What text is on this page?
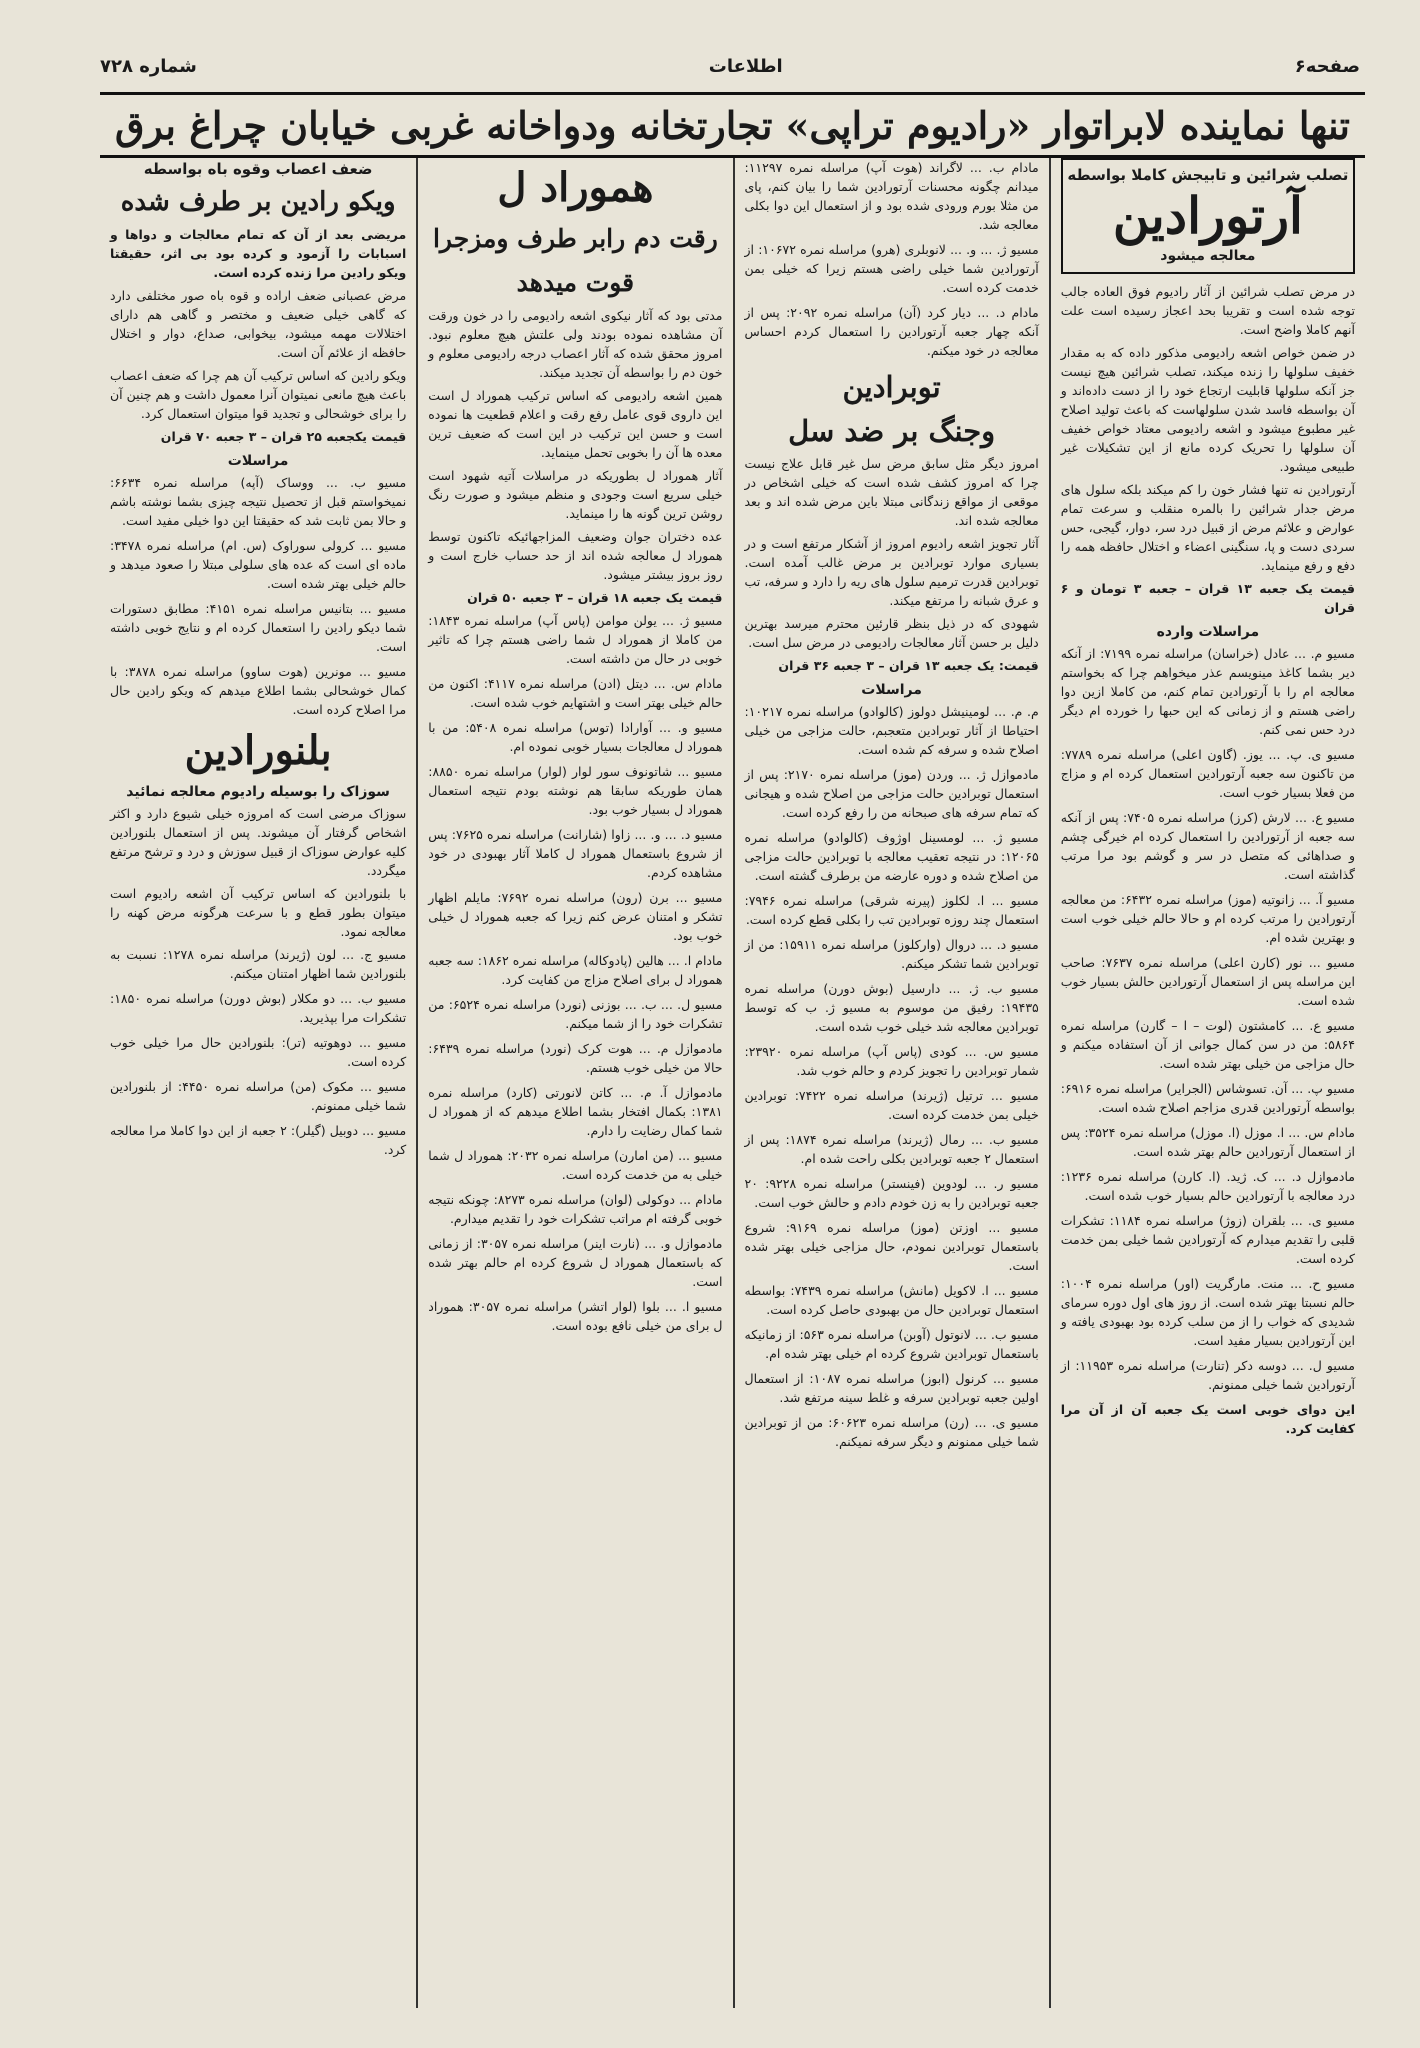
صفحه۶
اطلاعات
شماره ۷۲۸
تنها نماینده لابراتوار «رادیوم تراپی» تجارتخانه ودواخانه غربی خیابان چراغ برق
تصلب شرائین و تابیجش کاملا بواسطه
آرتورادین
معالجه میشود

در مرض تصلب شرائین از آثار رادیوم فوق العاده جالب توجه شده است و تقریبا بحد اعجاز رسیده است علت آنهم کاملا واضح است.

در ضمن خواص اشعه رادیومی مذکور داده که به مقدار خفیف سلولها را زنده میکند، تصلب شرائین هیچ نیست جز آنکه سلولها قابلیت ارتجاع خود را از دست داده‌اند و آن بواسطه فاسد شدن سلولهاست که باعث تولید اصلاح غیر مطبوع میشود و اشعه رادیومی معتاد خواص خفیف آن سلولها را تحریک کرده مانع از این تشکیلات غیر طبیعی میشود.

آرتورادین نه تنها فشار خون را کم میکند بلکه سلول های مرض جدار شرائین را بالمره منقلب و سرعت تمام عوارض و علائم مرض از قبیل درد سر، دوار، گیجی، حس سردی دست و پا، سنگینی اعضاء و اختلال حافظه همه را دفع و رفع مینماید.

قیمت یک جعبه ۱۳ قران – جعبه ۳ تومان و ۶ قران

مراسلات وارده
مسیو م. ... عادل (خراسان) مراسله نمره ۷۱۹۹: از آنکه دیر بشما کاغذ مینویسم عذر میخواهم چرا که بخواستم معالجه ام را با آرتورادین تمام کنم، من کاملا ازین دوا راضی هستم و از زمانی که این حبها را خورده ام دیگر درد حس نمی کنم.
مسیو ی. پ. ... یوز. (گاون اعلی) مراسله نمره ۷۷۸۹: من تاکنون سه جعبه آرتورادین استعمال کرده ام و مزاج من فعلا بسیار خوب است.
مسیو ع. ... لارش (کرز) مراسله نمره ۷۴۰۵: پس از آنکه سه جعبه از آرتورادین را استعمال کرده ام خیرگی چشم و صداهائی که متصل در سر و گوشم بود مرا مرتب گذاشته است.
مسیو آ. ... زانوتیه (موز) مراسله نمره ۶۴۳۲: من معالجه آرتورادین را مرتب کرده ام و حالا حالم خیلی خوب است و بهترین شده ام.
مسیو ... نور (کارن اعلی) مراسله نمره ۷۶۳۷: صاحب این مراسله پس از استعمال آرتورادین حالش بسیار خوب شده است.
مسیو ع. ... کامشتون (لوت – ا – گارن) مراسله نمره ۵۸۶۴: من در سن کمال جوانی از آن استفاده میکنم و حال مزاجی من خیلی بهتر شده است.
مسیو پ. ... آن. تسوشاس (الجرایر) مراسله نمره ۶۹۱۶: بواسطه آرتورادین قدری مزاجم اصلاح شده است.
مادام س. ... ا. موزل (ا. موزل) مراسله نمره ۳۵۲۴: پس از استعمال آرتورادین حالم بهتر شده است.
مادموازل د. ... ک. ژید. (ا. کارن) مراسله نمره ۱۲۳۶: درد معالجه با آرتورادین حالم بسیار خوب شده است.
مسیو ی. ... بلقران (زوژ) مراسله نمره ۱۱۸۴: تشکرات قلبی را تقدیم میدارم که آرتورادین شما خیلی بمن خدمت کرده است.
مسیو ح. ... منت. مارگریت (اور) مراسله نمره ۱۰۰۴: حالم نسبتا بهتر شده است. از روز های اول دوره سرمای شدیدی که خواب را از من سلب کرده بود بهبودی یافته و این آرتورادین بسیار مفید است.
مسیو ل. ... دوسه دکر (تنارت) مراسله نمره ۱۱۹۵۳: از آرتورادین شما خیلی ممنونم.

این دوای خوبی است یک جعبه آن از آن مرا کفایت کرد.

مادام ب. ... لاگراند (هوت آپ) مراسله نمره ۱۱۲۹۷: میدانم چگونه محسنات آرتورادین شما را بیان کنم، پای من مثلا بورم ورودی شده بود و از استعمال این دوا بکلی معالجه شد.
مسیو ژ. ... و. ... لانوبلری (هرو) مراسله نمره ۱۰۶۷۲: از آرتورادین شما خیلی راضی هستم زیرا که خیلی بمن خدمت کرده است.
مادام د. ... دیار کرد (آن) مراسله نمره ۲۰۹۲: پس از آنکه چهار جعبه آرتورادین را استعمال کردم احساس معالجه در خود میکنم.
توبرادین
وجنگ بر ضد سل

امروز دیگر مثل سابق مرض سل غیر قابل علاج نیست چرا که امروز کشف شده است که خیلی اشخاص در موقعی از مواقع زندگانی مبتلا باین مرض شده اند و بعد معالجه شده اند.

آثار تجویز اشعه رادیوم امروز از آشکار مرتفع است و در بسیاری موارد توبرادین بر مرض غالب آمده است. توبرادین قدرت ترمیم سلول های ریه را دارد و سرفه، تب و عرق شبانه را مرتفع میکند.

شهودی که در ذیل بنظر قارئین محترم میرسد بهترین دلیل بر حسن آثار معالجات رادیومی در مرض سل است.

قیمت: یک جعبه ۱۳ قران – ۳ جعبه ۳۶ قران

مراسلات
م. م. ... لومینیشل دولوز (کالوادو) مراسله نمره ۱۰۲۱۷: احتیاطا از آثار توبرادین متعجبم، حالت مزاجی من خیلی اصلاح شده و سرفه کم شده است.
مادموازل ژ. ... وردن (موز) مراسله نمره ۲۱۷۰: پس از استعمال توبرادین حالت مزاجی من اصلاح شده و هیجانی که تمام سرفه های صبحانه من را رفع کرده است.
مسیو ژ. ... لومسینل اوژوف (کالوادو) مراسله نمره ۱۲۰۶۵: در نتیجه تعقیب معالجه با توبرادین حالت مزاجی من اصلاح شده و دوره عارضه من برطرف گشته است.
مسیو ... ا. لکلوز (پیرنه شرقی) مراسله نمره ۷۹۴۶: استعمال چند روزه توبرادین تب را بکلی قطع کرده است.
مسیو د. ... دروال (وارکلوز) مراسله نمره ۱۵۹۱۱: من از توبرادین شما تشکر میکنم.
مسیو ب. ژ. ... دارسیل (بوش دورن) مراسله نمره ۱۹۴۳۵: رفیق من موسوم به مسیو ژ. ب که توسط توبرادین معالجه شد خیلی خوب شده است.
مسیو س. ... کودی (پاس آپ) مراسله نمره ۲۳۹۲۰: شمار توبرادین را تجویز کردم و حالم خوب شد.
مسیو ... ترتیل (ژیرند) مراسله نمره ۷۴۲۲: توبرادین خیلی بمن خدمت کرده است.
مسیو ب. ... رمال (ژیرند) مراسله نمره ۱۸۷۴: پس از استعمال ۲ جعبه توبرادین بکلی راحت شده ام.
مسیو ر. ... لودوین (فینستر) مراسله نمره ۹۲۲۸: ۲۰ جعبه توبرادین را به زن خودم دادم و حالش خوب است.
مسیو ... اوزتن (موز) مراسله نمره ۹۱۶۹: شروع باستعمال توبرادین نمودم، حال مزاجی خیلی بهتر شده است.
مسیو ... ا. لاکویل (مانش) مراسله نمره ۷۴۳۹: بواسطه استعمال توبرادین حال من بهبودی حاصل کرده است.
مسیو ب. ... لانوتول (آوبن) مراسله نمره ۵۶۳: از زمانیکه باستعمال توبرادین شروع کرده ام خیلی بهتر شده ام.
مسیو ... کرنول (ابوز) مراسله نمره ۱۰۸۷: از استعمال اولین جعبه توبرادین سرفه و غلط سینه مرتفع شد.
مسیو ی. ... (رن) مراسله نمره ۶۰۶۲۳: من از توبرادین شما خیلی ممنونم و دیگر سرفه نمیکنم.
هموراد ل
رقت دم رابر طرف ومزجرا
قوت میدهد

مدتی بود که آثار نیکوی اشعه رادیومی را در خون ورقت آن مشاهده نموده بودند ولی علتش هیچ معلوم نبود. امروز محقق شده که آثار اعصاب درجه رادیومی معلوم و خون دم را بواسطه آن تجدید میکند.

همین اشعه رادیومی که اساس ترکیب هموراد ل است این داروی قوی عامل رفع رقت و اعلام قطعیت ها نموده است و حسن این ترکیب در این است که ضعیف ترین معده ها آن را بخوبی تحمل مینماید.

آثار هموراد ل بطوریکه در مراسلات آتیه شهود است خیلی سریع است وجودی و منظم میشود و صورت رنگ روشن ترین گونه ها را مینماید.

عده دختران جوان وضعیف المزاجهائیکه تاکنون توسط هموراد ل معالجه شده اند از حد حساب خارج است و روز بروز بیشتر میشود.

قیمت یک جعبه ۱۸ قران – ۳ جعبه ۵۰ قران

مسیو ژ. ... یولن موامن (پاس آپ) مراسله نمره ۱۸۴۳: من کاملا از هموراد ل شما راضی هستم چرا که تاثیر خوبی در حال من داشته است.
مادام س. ... دیتل (ادن) مراسله نمره ۴۱۱۷: اکنون من حالم خیلی بهتر است و اشتهایم خوب شده است.
مسیو و. ... آوارادا (توس) مراسله نمره ۵۴۰۸: من با هموراد ل معالجات بسیار خوبی نموده ام.
مسیو ... شاتونوف سور لوار (لوار) مراسله نمره ۸۸۵۰: همان طوریکه سابقا هم نوشته بودم نتیجه استعمال هموراد ل بسیار خوب بود.
مسیو د. ... و. ... زاوا (شارانت) مراسله نمره ۷۶۲۵: پس از شروع باستعمال هموراد ل کاملا آثار بهبودی در خود مشاهده کردم.
مسیو ... برن (رون) مراسله نمره ۷۶۹۲: مایلم اظهار تشکر و امتنان عرض کنم زیرا که جعبه هموراد ل خیلی خوب بود.
مادام ا. ... هالین (پادوکاله) مراسله نمره ۱۸۶۲: سه جعبه هموراد ل برای اصلاح مزاج من کفایت کرد.
مسیو ل. ... ب. ... بوزنی (نورد) مراسله نمره ۶۵۲۴: من تشکرات خود را از شما میکنم.
مادموازل م. ... هوت کرک (نورد) مراسله نمره ۶۴۳۹: حالا من خیلی خوب هستم.
مادموازل آ. م. ... کاتن لانورتی (کارد) مراسله نمره ۱۳۸۱: بکمال افتخار بشما اطلاع میدهم که از هموراد ل شما کمال رضایت را دارم.
مسیو ... (من امارن) مراسله نمره ۲۰۳۲: هموراد ل شما خیلی به من خدمت کرده است.
مادام ... دوکولی (لوان) مراسله نمره ۸۲۷۳: چونکه نتیجه خوبی گرفته ام مراتب تشکرات خود را تقدیم میدارم.
مادموازل و. ... (نارت اینر) مراسله نمره ۳۰۵۷: از زمانی که باستعمال هموراد ل شروع کرده ام حالم بهتر شده است.
مسیو ا. ... بلوا (لوار اتشر) مراسله نمره ۳۰۵۷: هموراد ل برای من خیلی نافع بوده است.
ضعف اعصاب وقوه باه بواسطه
ویکو رادین بر طرف شده

مریضی بعد از آن که تمام معالجات و دواها و اسبابات را آزمود و کرده بود بی اثر، حقیقتا ویکو رادین مرا زنده کرده است.

مرض عصبانی ضعف اراده و قوه باه صور مختلفی دارد که گاهی خیلی ضعیف و مختصر و گاهی هم دارای اختلالات مهمه میشود، بیخوابی، صداع، دوار و اختلال حافظه از علائم آن است.

ویکو رادین که اساس ترکیب آن هم چرا که ضعف اعصاب باعث هیچ مانعی نمیتوان آنرا معمول داشت و هم چنین آن را برای خوشحالی و تجدید قوا میتوان استعمال کرد.

قیمت یکجعبه ۲۵ قران – ۳ جعبه ۷۰ قران

مراسلات
مسیو ب. ... ووساک (آپه) مراسله نمره ۶۶۳۴: نمیخواستم قبل از تحصیل نتیجه چیزی بشما نوشته باشم و حالا بمن ثابت شد که حقیقتا این دوا خیلی مفید است.
مسیو ... کرولی سوراوک (س. ام) مراسله نمره ۳۴۷۸: ماده ای است که عده های سلولی مبتلا را صعود میدهد و حالم خیلی بهتر شده است.
مسیو ... بتانیس مراسله نمره ۴۱۵۱: مطابق دستورات شما دیکو رادین را استعمال کرده ام و نتایج خوبی داشته است.
مسیو ... مونرین (هوت ساوو) مراسله نمره ۳۸۷۸: با کمال خوشحالی بشما اطلاع میدهم که ویکو رادین حال مرا اصلاح کرده است.
بلنورادین
سوزاک را بوسیله رادیوم معالجه نمائید

سوزاک مرضی است که امروزه خیلی شیوع دارد و اکثر اشخاص گرفتار آن میشوند. پس از استعمال بلنورادین کلیه عوارض سوزاک از قبیل سوزش و درد و ترشح مرتفع میگردد.

با بلنورادین که اساس ترکیب آن اشعه رادیوم است میتوان بطور قطع و با سرعت هرگونه مرض کهنه را معالجه نمود.

مسیو ج. ... لون (ژیرند) مراسله نمره ۱۲۷۸: نسبت به بلنورادین شما اظهار امتنان میکنم.
مسیو ب. ... دو مکلار (بوش دورن) مراسله نمره ۱۸۵۰: تشکرات مرا بپذیرید.
مسیو ... دوهوتیه (تر): بلنورادین حال مرا خیلی خوب کرده است.
مسیو ... مکوک (من) مراسله نمره ۴۴۵۰: از بلنورادین شما خیلی ممنونم.
مسیو ... دوبیل (گیلر): ۲ جعبه از این دوا کاملا مرا معالجه کرد.
